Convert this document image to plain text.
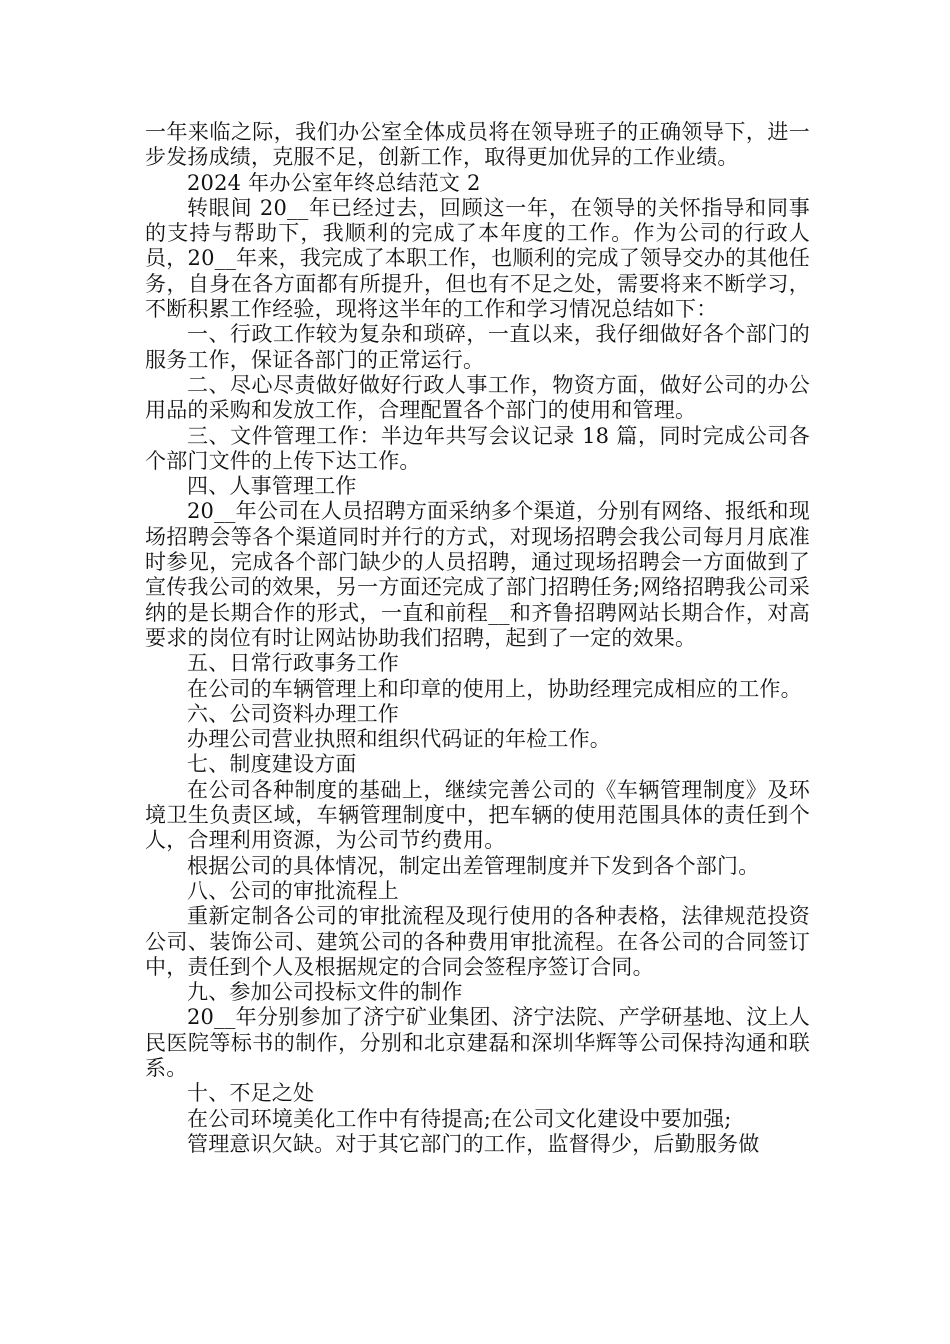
一年来临之际，我们办公室全体成员将在领导班子的正确领导下，进一步发扬成绩，克服不足，创新工作，取得更加优异的工作业绩。

2024 年办公室年终总结范文 2

转眼间 20__年已经过去，回顾这一年，在领导的关怀指导和同事的支持与帮助下，我顺利的完成了本年度的工作。作为公司的行政人员，20__年来，我完成了本职工作，也顺利的完成了领导交办的其他任务，自身在各方面都有所提升，但也有不足之处，需要将来不断学习，不断积累工作经验，现将这半年的工作和学习情况总结如下：

一、行政工作较为复杂和琐碎，一直以来，我仔细做好各个部门的服务工作，保证各部门的正常运行。

二、尽心尽责做好做好行政人事工作，物资方面，做好公司的办公用品的采购和发放工作，合理配置各个部门的使用和管理。

三、文件管理工作：半边年共写会议记录 18 篇，同时完成公司各个部门文件的上传下达工作。

四、人事管理工作

20__年公司在人员招聘方面采纳多个渠道，分别有网络、报纸和现场招聘会等各个渠道同时并行的方式，对现场招聘会我公司每月月底准时参见，完成各个部门缺少的人员招聘，通过现场招聘会一方面做到了宣传我公司的效果，另一方面还完成了部门招聘任务;网络招聘我公司采纳的是长期合作的形式，一直和前程__和齐鲁招聘网站长期合作，对高要求的岗位有时让网站协助我们招聘，起到了一定的效果。

五、日常行政事务工作

在公司的车辆管理上和印章的使用上，协助经理完成相应的工作。

六、公司资料办理工作

办理公司营业执照和组织代码证的年检工作。

七、制度建设方面

在公司各种制度的基础上，继续完善公司的《车辆管理制度》及环境卫生负责区域，车辆管理制度中，把车辆的使用范围具体的责任到个人，合理利用资源，为公司节约费用。

根据公司的具体情况，制定出差管理制度并下发到各个部门。

八、公司的审批流程上

重新定制各公司的审批流程及现行使用的各种表格，法律规范投资公司、装饰公司、建筑公司的各种费用审批流程。在各公司的合同签订中，责任到个人及根据规定的合同会签程序签订合同。

九、参加公司投标文件的制作

20__年分别参加了济宁矿业集团、济宁法院、产学研基地、汶上人民医院等标书的制作，分别和北京建磊和深圳华辉等公司保持沟通和联系。

十、不足之处

在公司环境美化工作中有待提高;在公司文化建设中要加强;

管理意识欠缺。对于其它部门的工作，监督得少，后勤服务做
